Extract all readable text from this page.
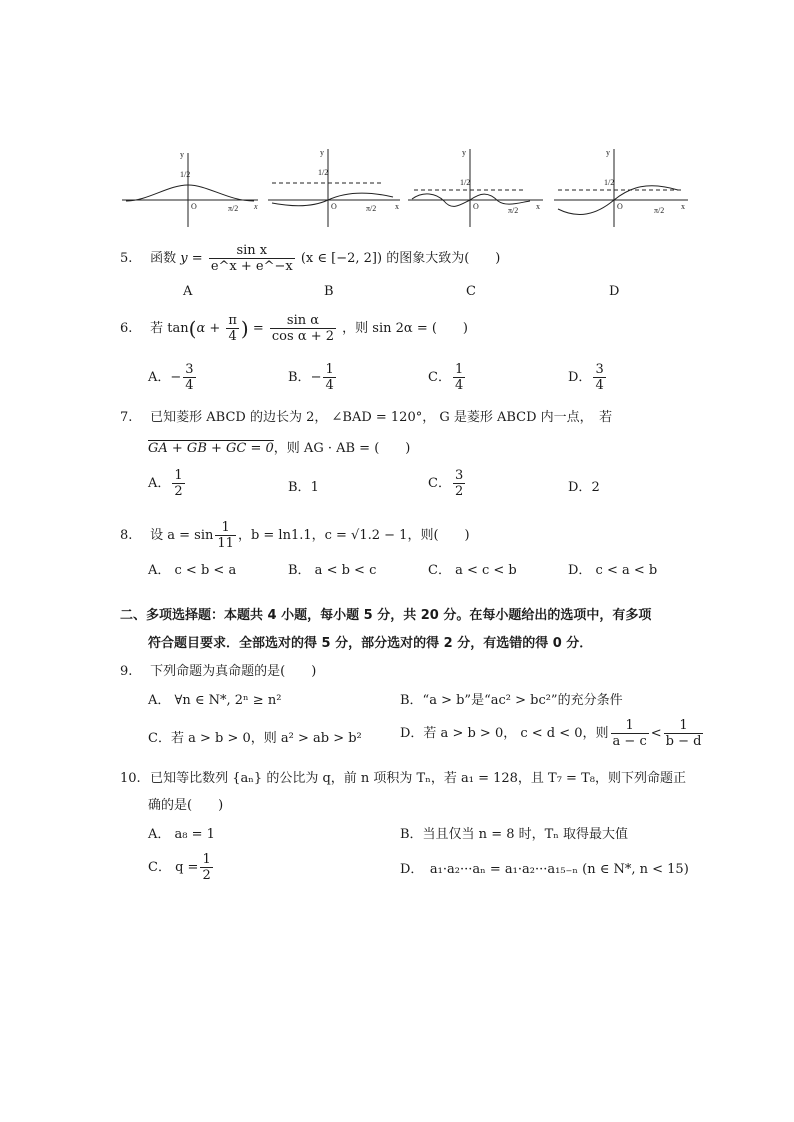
x
y
O
1/2
π/2	x
y
O
1/2
π/2	x
y
O
1/2
π/2	x
y
O
1/2
π/2
5. 函数 $y = \frac{\text{sin x}}{e\^{}x + e\^{}-x} (x$ ∈ [−2, 2]) 的图象大致为(　　)
A	B	C	D
6. 若 $\tan(\alpha + \frac{\pi}{4}$ ) = $\frac{\text{sin α}}{\text{cos α + 2}}$ ，则 sin 2α = (　　)
A．− $\frac{3}{4}$	B．− $\frac{1}{4}$	C． $\frac{1}{4}$	D． $\frac{3}{4}$
7. 已知菱形 ABCD 的边长为 2， ∠BAD = 120°， G 是菱形 ABCD 内一点，　若
GA + GB + GC = 0，则 AG · AB = (　　)
A． $\frac{1}{2}$	B．1	C． $\frac{3}{2}$	D．2
8. 设 $a = \sin \frac{1}{11}$ ，b = ln1.1，c = √1.2 − 1，则(　　)
A． c < b < a	B． a < b < c	C． a < c < b	D． c < a < b
二、多项选择题：本题共 4 小题，每小题 5 分，共 20 分。在每小题给出的选项中，有多项
符合题目要求．全部选对的得 5 分，部分选对的得 2 分，有选错的得 0 分．
9. 下列命题为真命题的是(　　)
A． ∀n ∈ N*, 2ⁿ ≥ n²	B．“a > b”是“ac² > bc²”的充分条件
C．若 a > b > 0，则 a² > ab > b²	D．若 a > b > 0， c < d < 0，则 $\frac{1}{a - c} < \frac{1}{b - d}$
10. 已知等比数列 {aₙ} 的公比为 q，前 n 项积为 Tₙ，若 a₁ = 128，且 T₇ = T₈，则下列命题正
确的是(　　)
A． a₈ = 1	B．当且仅当 n = 8 时，Tₙ 取得最大值
C． $q = \frac{1}{2}$	D．　a₁·a₂···aₙ = a₁·a₂···a₁₅₋ₙ (n ∈ N*, n < 15)
